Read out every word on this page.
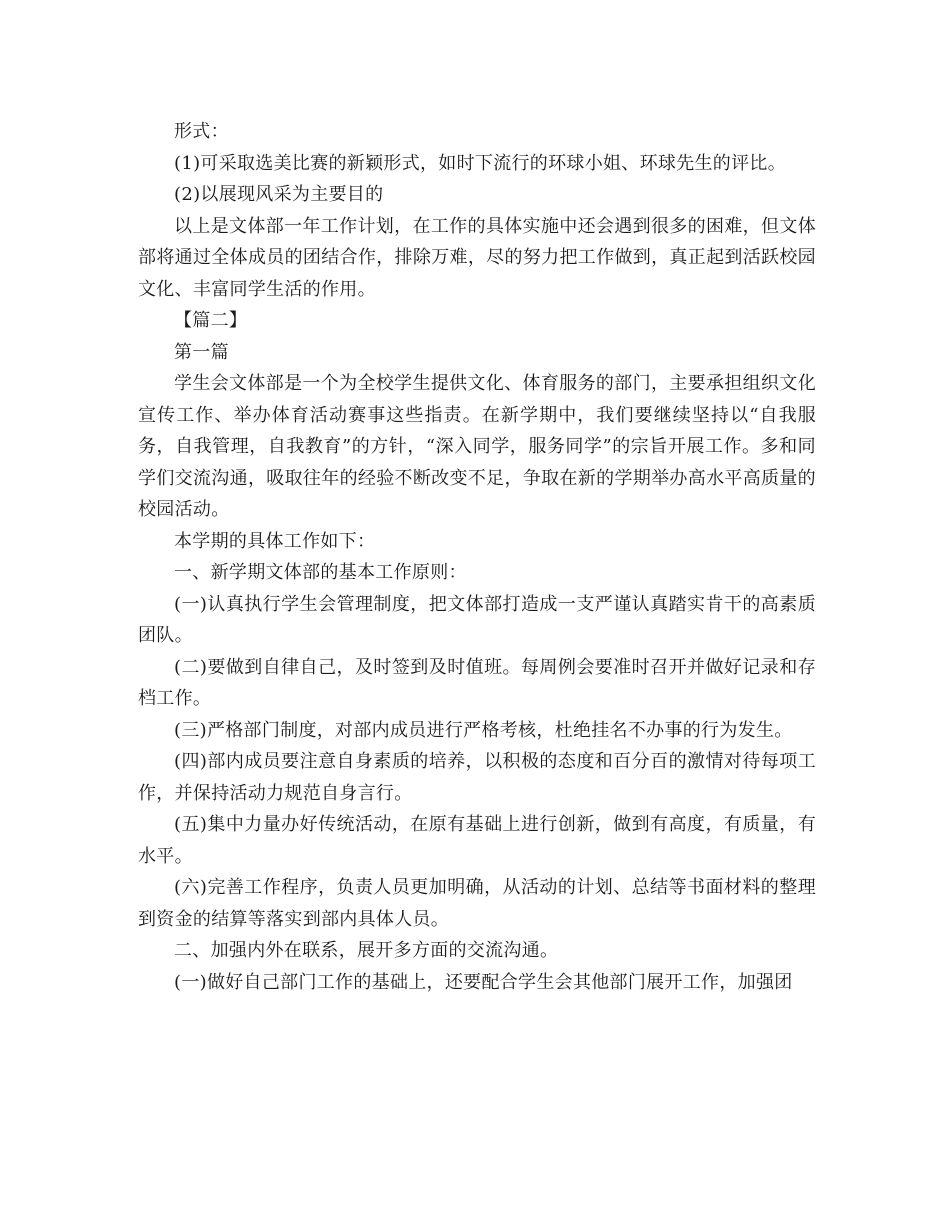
形式：

(1)可采取选美比赛的新颖形式，如时下流行的环球小姐、环球先生的评比。

(2)以展现风采为主要目的

以上是文体部一年工作计划，在工作的具体实施中还会遇到很多的困难，但文体部将通过全体成员的团结合作，排除万难，尽的努力把工作做到，真正起到活跃校园文化、丰富同学生活的作用。

【篇二】

第一篇

学生会文体部是一个为全校学生提供文化、体育服务的部门，主要承担组织文化宣传工作、举办体育活动赛事这些指责。在新学期中，我们要继续坚持以“自我服务，自我管理，自我教育”的方针，“深入同学，服务同学”的宗旨开展工作。多和同学们交流沟通，吸取往年的经验不断改变不足，争取在新的学期举办高水平高质量的校园活动。

本学期的具体工作如下：

一、新学期文体部的基本工作原则：

(一)认真执行学生会管理制度，把文体部打造成一支严谨认真踏实肯干的高素质团队。

(二)要做到自律自己，及时签到及时值班。每周例会要准时召开并做好记录和存档工作。

(三)严格部门制度，对部内成员进行严格考核，杜绝挂名不办事的行为发生。

(四)部内成员要注意自身素质的培养，以积极的态度和百分百的激情对待每项工作，并保持活动力规范自身言行。

(五)集中力量办好传统活动，在原有基础上进行创新，做到有高度，有质量，有水平。

(六)完善工作程序，负责人员更加明确，从活动的计划、总结等书面材料的整理到资金的结算等落实到部内具体人员。

二、加强内外在联系，展开多方面的交流沟通。

(一)做好自己部门工作的基础上，还要配合学生会其他部门展开工作，加强团
